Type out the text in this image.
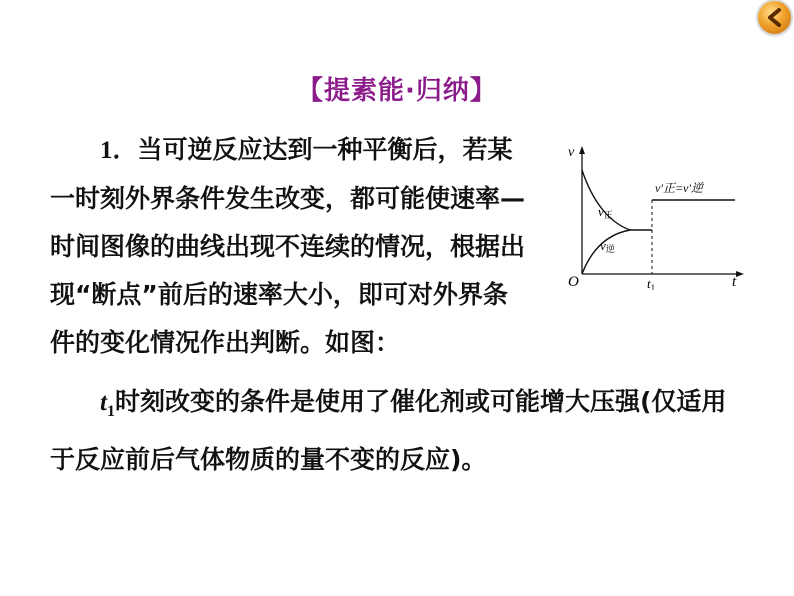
【提素能·归纳】
1．当可逆反应达到一种平衡后，若某
一时刻外界条件发生改变，都可能使速率—
时间图像的曲线出现不连续的情况，根据出
现“断点”前后的速率大小，即可对外界条
件的变化情况作出判断。如图：
v
t
O	$t_1$
v正
v逆
v′正=v′逆
$t_1$时刻改变的条件是使用了催化剂或可能增大压强(仅适用
于反应前后气体物质的量不变的反应)。
